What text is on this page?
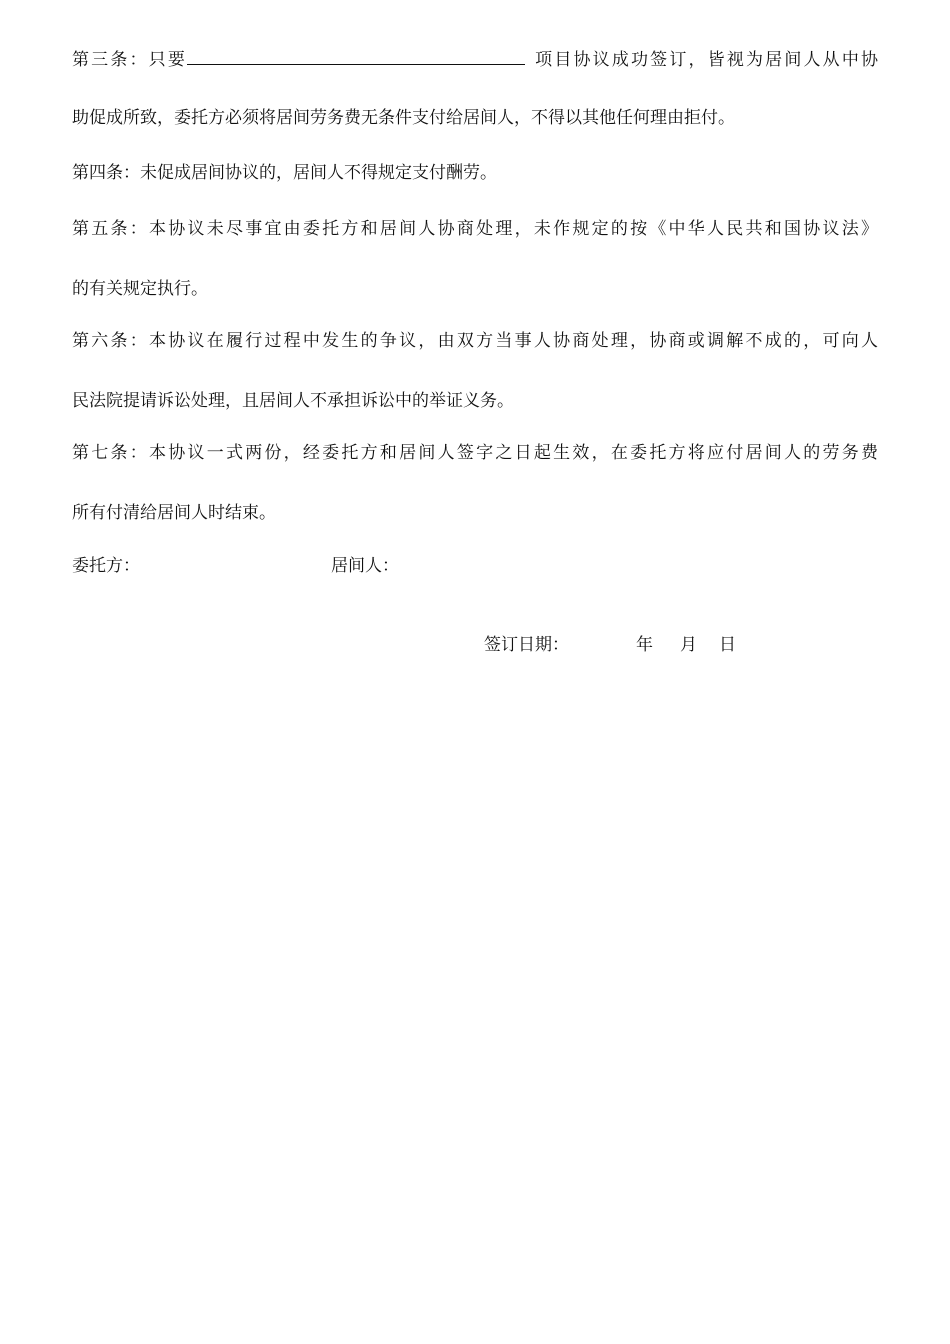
第三条：只要	项目协议成功签订，皆视为居间人从中协
助促成所致，委托方必须将居间劳务费无条件支付给居间人，不得以其他任何理由拒付。
第四条：未促成居间协议的，居间人不得规定支付酬劳。
第五条：本协议未尽事宜由委托方和居间人协商处理，未作规定的按《中华人民共和国协议法》
的有关规定执行。
第六条：本协议在履行过程中发生的争议，由双方当事人协商处理，协商或调解不成的，可向人
民法院提请诉讼处理，且居间人不承担诉讼中的举证义务。
第七条：本协议一式两份，经委托方和居间人签字之日起生效，在委托方将应付居间人的劳务费
所有付清给居间人时结束。
委托方：	居间人：
签订日期：	年 月 日
